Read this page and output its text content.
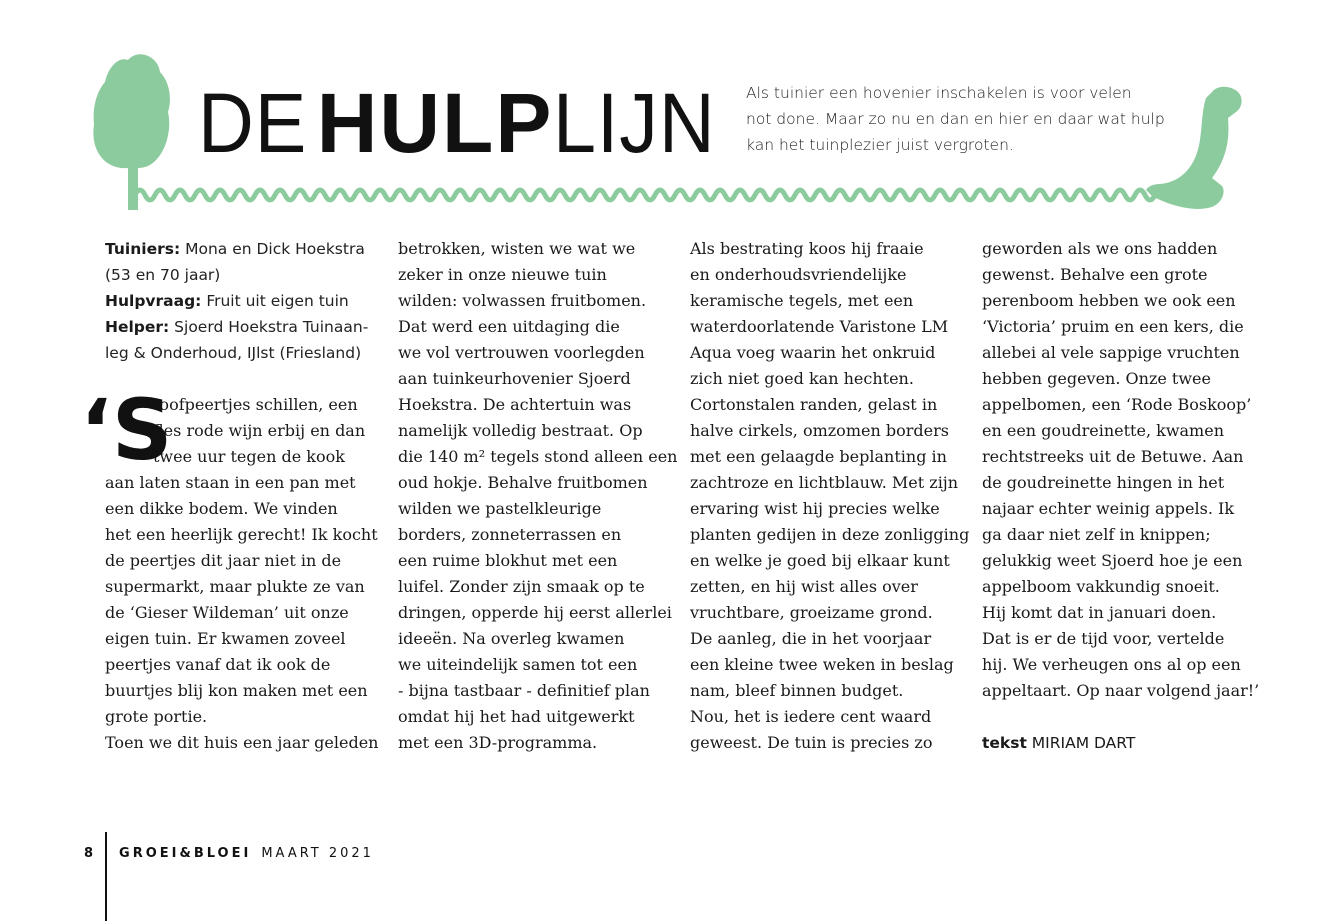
DEHULPLIJN	Als tuinier een hovenier inschakelen is voor velen
not done. Maar zo nu en dan en hier en daar wat hulp
kan het tuinplezier juist vergroten.
Tuiniers: Mona en Dick Hoekstra
(53 en 70 jaar)
Hulpvraag: Fruit uit eigen tuin
Helper: Sjoerd Hoekstra Tuinaan-
leg & Onderhoud, IJlst (Friesland)
toofpeertjes schillen, een
fles rode wijn erbij en dan
twee uur tegen de kook
aan laten staan in een pan met
een dikke bodem. We vinden
het een heerlijk gerecht! Ik kocht
de peertjes dit jaar niet in de
supermarkt, maar plukte ze van
de ‘Gieser Wildeman’ uit onze
eigen tuin. Er kwamen zoveel
peertjes vanaf dat ik ook de
buurtjes blij kon maken met een
grote portie.
Toen we dit huis een jaar geleden
‘S
betrokken, wisten we wat we
zeker in onze nieuwe tuin
wilden: volwassen fruitbomen.
Dat werd een uitdaging die
we vol vertrouwen voorlegden
aan tuinkeurhovenier Sjoerd
Hoekstra. De achtertuin was
namelijk volledig bestraat. Op
die 140 m² tegels stond alleen een
oud hokje. Behalve fruitbomen
wilden we pastelkleurige
borders, zonneterrassen en
een ruime blokhut met een
luifel. Zonder zijn smaak op te
dringen, opperde hij eerst allerlei
ideeën. Na overleg kwamen
we uiteindelijk samen tot een
- bijna tastbaar - definitief plan
omdat hij het had uitgewerkt
met een 3D-programma.
Als bestrating koos hij fraaie
en onderhoudsvriendelijke
keramische tegels, met een
waterdoorlatende Varistone LM
Aqua voeg waarin het onkruid
zich niet goed kan hechten.
Cortonstalen randen, gelast in
halve cirkels, omzomen borders
met een gelaagde beplanting in
zachtroze en lichtblauw. Met zijn
ervaring wist hij precies welke
planten gedijen in deze zonligging
en welke je goed bij elkaar kunt
zetten, en hij wist alles over
vruchtbare, groeizame grond.
De aanleg, die in het voorjaar
een kleine twee weken in beslag
nam, bleef binnen budget.
Nou, het is iedere cent waard
geweest. De tuin is precies zo
geworden als we ons hadden
gewenst. Behalve een grote
perenboom hebben we ook een
‘Victoria’ pruim en een kers, die
allebei al vele sappige vruchten
hebben gegeven. Onze twee
appelbomen, een ‘Rode Boskoop’
en een goudreinette, kwamen
rechtstreeks uit de Betuwe. Aan
de goudreinette hingen in het
najaar echter weinig appels. Ik
ga daar niet zelf in knippen;
gelukkig weet Sjoerd hoe je een
appelboom vakkundig snoeit.
Hij komt dat in januari doen.
Dat is er de tijd voor, vertelde
hij. We verheugen ons al op een
appeltaart. Op naar volgend jaar!’
tekst MIRIAM DART
8 GROEI&BLOEI MAART 2021
